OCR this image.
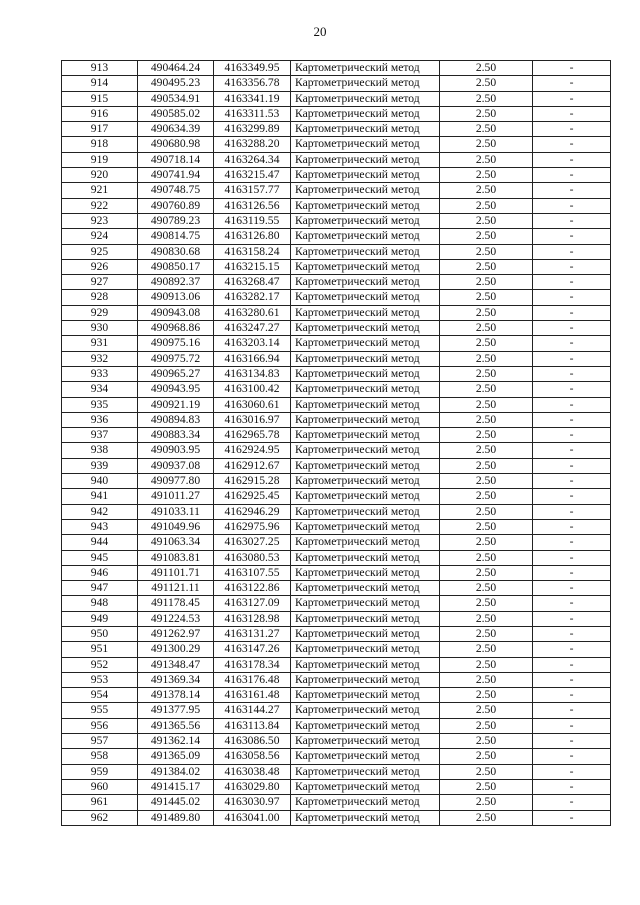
20
913	490464.24	4163349.95	Картометрический метод	2.50	-
914	490495.23	4163356.78	Картометрический метод	2.50	-
915	490534.91	4163341.19	Картометрический метод	2.50	-
916	490585.02	4163311.53	Картометрический метод	2.50	-
917	490634.39	4163299.89	Картометрический метод	2.50	-
918	490680.98	4163288.20	Картометрический метод	2.50	-
919	490718.14	4163264.34	Картометрический метод	2.50	-
920	490741.94	4163215.47	Картометрический метод	2.50	-
921	490748.75	4163157.77	Картометрический метод	2.50	-
922	490760.89	4163126.56	Картометрический метод	2.50	-
923	490789.23	4163119.55	Картометрический метод	2.50	-
924	490814.75	4163126.80	Картометрический метод	2.50	-
925	490830.68	4163158.24	Картометрический метод	2.50	-
926	490850.17	4163215.15	Картометрический метод	2.50	-
927	490892.37	4163268.47	Картометрический метод	2.50	-
928	490913.06	4163282.17	Картометрический метод	2.50	-
929	490943.08	4163280.61	Картометрический метод	2.50	-
930	490968.86	4163247.27	Картометрический метод	2.50	-
931	490975.16	4163203.14	Картометрический метод	2.50	-
932	490975.72	4163166.94	Картометрический метод	2.50	-
933	490965.27	4163134.83	Картометрический метод	2.50	-
934	490943.95	4163100.42	Картометрический метод	2.50	-
935	490921.19	4163060.61	Картометрический метод	2.50	-
936	490894.83	4163016.97	Картометрический метод	2.50	-
937	490883.34	4162965.78	Картометрический метод	2.50	-
938	490903.95	4162924.95	Картометрический метод	2.50	-
939	490937.08	4162912.67	Картометрический метод	2.50	-
940	490977.80	4162915.28	Картометрический метод	2.50	-
941	491011.27	4162925.45	Картометрический метод	2.50	-
942	491033.11	4162946.29	Картометрический метод	2.50	-
943	491049.96	4162975.96	Картометрический метод	2.50	-
944	491063.34	4163027.25	Картометрический метод	2.50	-
945	491083.81	4163080.53	Картометрический метод	2.50	-
946	491101.71	4163107.55	Картометрический метод	2.50	-
947	491121.11	4163122.86	Картометрический метод	2.50	-
948	491178.45	4163127.09	Картометрический метод	2.50	-
949	491224.53	4163128.98	Картометрический метод	2.50	-
950	491262.97	4163131.27	Картометрический метод	2.50	-
951	491300.29	4163147.26	Картометрический метод	2.50	-
952	491348.47	4163178.34	Картометрический метод	2.50	-
953	491369.34	4163176.48	Картометрический метод	2.50	-
954	491378.14	4163161.48	Картометрический метод	2.50	-
955	491377.95	4163144.27	Картометрический метод	2.50	-
956	491365.56	4163113.84	Картометрический метод	2.50	-
957	491362.14	4163086.50	Картометрический метод	2.50	-
958	491365.09	4163058.56	Картометрический метод	2.50	-
959	491384.02	4163038.48	Картометрический метод	2.50	-
960	491415.17	4163029.80	Картометрический метод	2.50	-
961	491445.02	4163030.97	Картометрический метод	2.50	-
962	491489.80	4163041.00	Картометрический метод	2.50	-
